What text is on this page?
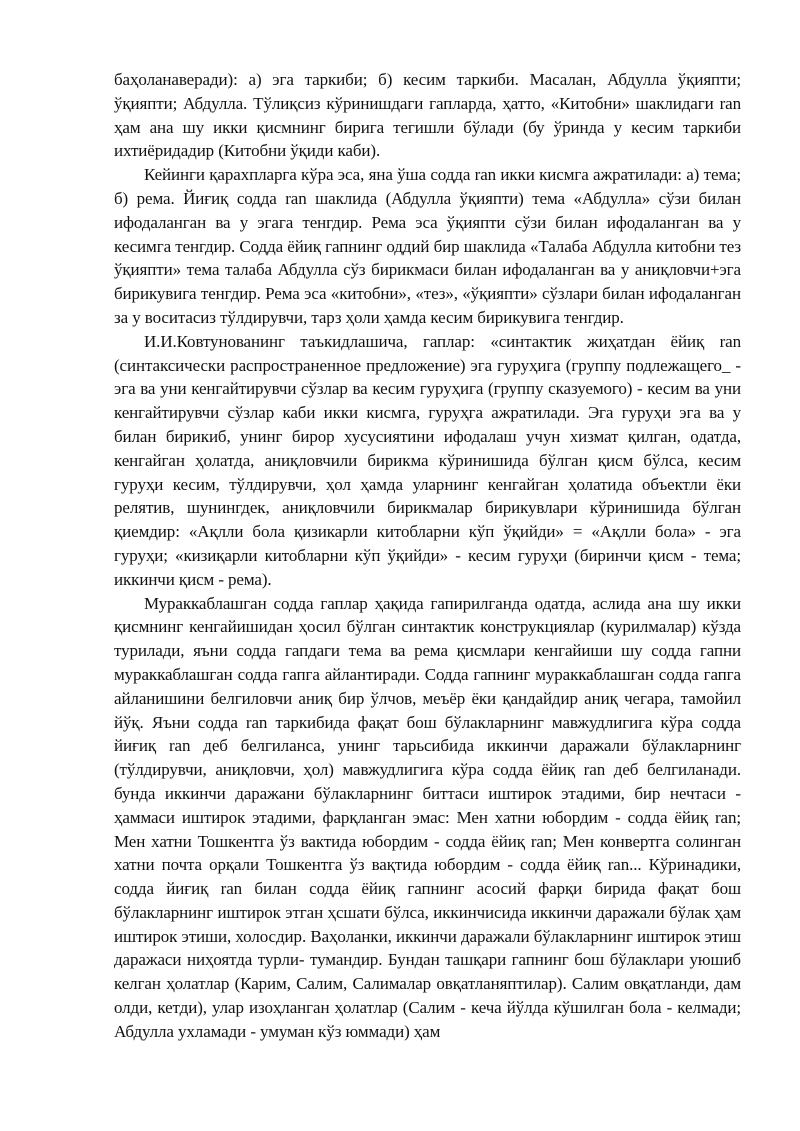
баҳоланаверади): а) эга таркиби; б) кесим таркиби. Масалан, Абдулла ўқияпти; ўқияпти; Абдулла. Тўлиқсиз кўринишдаги гапларда, ҳатто, «Китобни» шаклидаги ran ҳам ана шу икки қисмнинг бирига тегишли бўлади (бу ўринда у кесим таркиби ихтиёридадир (Китобни ўқиди каби).

Кейинги қарахпларга кўра эса, яна ўша содда ran икки кисмга ажратилади: а) тема; б) рема. Йиғиқ содда ran шаклида (Абдулла ўқияпти) тема «Абдулла» сўзи билан ифодаланган ва у эгага тенгдир. Рема эса ўқияпти сўзи билан ифодаланган ва у кесимга тенгдир. Содда ёйиқ гапнинг оддий бир шаклида «Талаба Абдулла китобни тез ўқияпти» тема талаба Абдулла сўз бирикмаси билан ифодаланган ва у аниқловчи+эга бирикувига тенгдир. Рема эса «китобни», «тез», «ўқияпти» сўзлари билан ифодаланган за у воситасиз тўлдирувчи, тарз ҳоли ҳамда кесим бирикувига тенгдир.

И.И.Ковтунованинг таъкидлашича, гаплар: «синтактик жиҳатдан ёйиқ ran (синтаксически распространенное предложение) эга гуруҳига (группу подлежащего_ - эга ва уни кенгайтирувчи сўзлар ва кесим гуруҳига (группу сказуемого) - кесим ва уни кенгайтирувчи сўзлар каби икки кисмга, гуруҳга ажратилади. Эга гуруҳи эга ва у билан бирикиб, унинг бирор хусусиятини ифодалаш учун хизмат қилган, одатда, кенгайган ҳолатда, аниқловчили бирикма кўринишида бўлган қисм бўлса, кесим гуруҳи кесим, тўлдирувчи, ҳол ҳамда уларнинг кенгайган ҳолатида объектли ёки релятив, шунингдек, аниқловчили бирикмалар бирикувлари кўринишида бўлган қиемдир: «Ақлли бола қизикарли китобларни кўп ўқийди» = «Ақлли бола» - эга гуруҳи; «кизиқарли китобларни кўп ўқийди» - кесим гуруҳи (биринчи қисм - тема; иккинчи қисм - рема).

Мураккаблашган содда гаплар ҳақида гапирилганда одатда, аслида ана шу икки қисмнинг кенгайишидан ҳосил бўлган синтактик конструкциялар (курилмалар) кўзда турилади, яъни содда гапдаги тема ва рема қисмлари кенгайиши шу содда гапни мураккаблашган содда гапга айлантиради. Содда гапнинг мураккаблашган содда гапга айланишини белгиловчи аниқ бир ўлчов, меъёр ёки қандайдир аниқ чегара, тамойил йўқ. Яъни содда ran таркибида фақат бош бўлакларнинг мавжудлигига кўра содда йиғиқ ran деб белгиланса, унинг тарьсибида иккинчи даражали бўлакларнинг (тўлдирувчи, аниқловчи, ҳол) мавжудлигига кўра содда ёйиқ ran деб белгиланади. бунда иккинчи даражани бўлакларнинг биттаси иштирок этадими, бир нечтаси - ҳаммаси иштирок этадими, фарқланган эмас: Мен хатни юбордим - содда ёйиқ ran; Мен хатни Тошкентга ўз вактида юбордим - содда ёйиқ ran; Мен конвертга солинган хатни почта орқали Тошкентга ўз вақтида юбордим - содда ёйиқ ran... Кўринадики, содда йиғиқ ran билан содда ёйиқ гапнинг асосий фарқи бирида фақат бош бўлакларнинг иштирок этган ҳсшати бўлса, иккинчисида иккинчи даражали бўлак ҳам иштирок этиши, холосдир. Ваҳоланки, иккинчи даражали бўлакларнинг иштирок этиш даражаси ниҳоятда турли- тумандир. Бундан ташқари гапнинг бош бўлаклари уюшиб келган ҳолатлар (Карим, Салим, Салималар овқатланяптилар). Салим овқатланди, дам олди, кетди), улар изоҳланган ҳолатлар (Салим - кеча йўлда кўшилган бола - келмади; Абдулла ухламади - умуман кўз юммади) ҳам
